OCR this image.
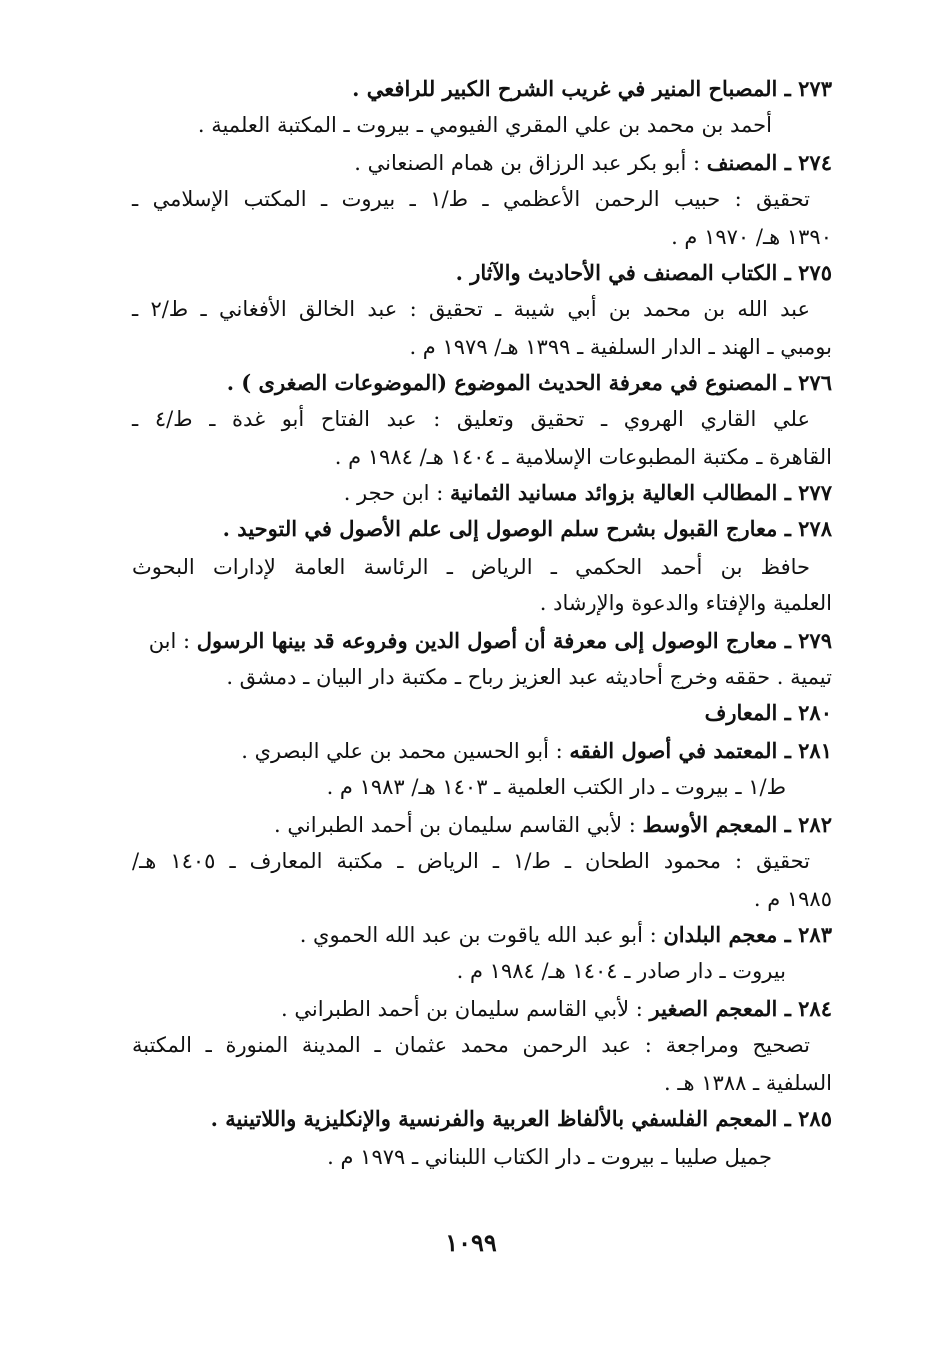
٢٧٣ ـ المصباح المنير في غريب الشرح الكبير للرافعي .
أحمد بن محمد بن علي المقري الفيومي ـ بيروت ـ المكتبة العلمية .
٢٧٤ ـ المصنف : أبو بكر عبد الرزاق بن همام الصنعاني .
تحقيق : حبيب الرحمن الأعظمي ـ ط/١ ـ بيروت ـ المكتب الإسلامي ـ
١٣٩٠ هـ/ ١٩٧٠ م .
٢٧٥ ـ الكتاب المصنف في الأحاديث والآثار .
عبد الله بن محمد بن أبي شيبة ـ تحقيق : عبد الخالق الأفغاني ـ ط/٢ ـ
بومبي ـ الهند ـ الدار السلفية ـ ١٣٩٩ هـ/ ١٩٧٩ م .
٢٧٦ ـ المصنوع في معرفة الحديث الموضوع (الموضوعات الصغرى ) .
علي القاري الهروي ـ تحقيق وتعليق : عبد الفتاح أبو غدة ـ ط/٤ ـ
القاهرة ـ مكتبة المطبوعات الإسلامية ـ ١٤٠٤ هـ/ ١٩٨٤ م .
٢٧٧ ـ المطالب العالية بزوائد مسانيد الثمانية : ابن حجر .
٢٧٨ ـ معارج القبول بشرح سلم الوصول إلى علم الأصول في التوحيد .
حافظ بن أحمد الحكمي ـ الرياض ـ الرئاسة العامة لإدارات البحوث
العلمية والإفتاء والدعوة والإرشاد .
٢٧٩ ـ معارج الوصول إلى معرفة أن أصول الدين وفروعه قد بينها الرسول : ابن
تيمية . حققه وخرج أحاديثه عبد العزيز رباح ـ مكتبة دار البيان ـ دمشق .
٢٨٠ ـ المعارف
٢٨١ ـ المعتمد في أصول الفقه : أبو الحسين محمد بن علي البصري .
ط/١ ـ بيروت ـ دار الكتب العلمية ـ ١٤٠٣ هـ/ ١٩٨٣ م .
٢٨٢ ـ المعجم الأوسط : لأبي القاسم سليمان بن أحمد الطبراني .
تحقيق : محمود الطحان ـ ط/١ ـ الرياض ـ مكتبة المعارف ـ ١٤٠٥ هـ/
١٩٨٥ م .
٢٨٣ ـ معجم البلدان : أبو عبد الله ياقوت بن عبد الله الحموي .
بيروت ـ دار صادر ـ ١٤٠٤ هـ/ ١٩٨٤ م .
٢٨٤ ـ المعجم الصغير : لأبي القاسم سليمان بن أحمد الطبراني .
تصحيح ومراجعة : عبد الرحمن محمد عثمان ـ المدينة المنورة ـ المكتبة
السلفية ـ ١٣٨٨ هـ .
٢٨٥ ـ المعجم الفلسفي بالألفاظ العربية والفرنسية والإنكليزية واللاتينية .
جميل صليبا ـ بيروت ـ دار الكتاب اللبناني ـ ١٩٧٩ م .
١٠٩٩
